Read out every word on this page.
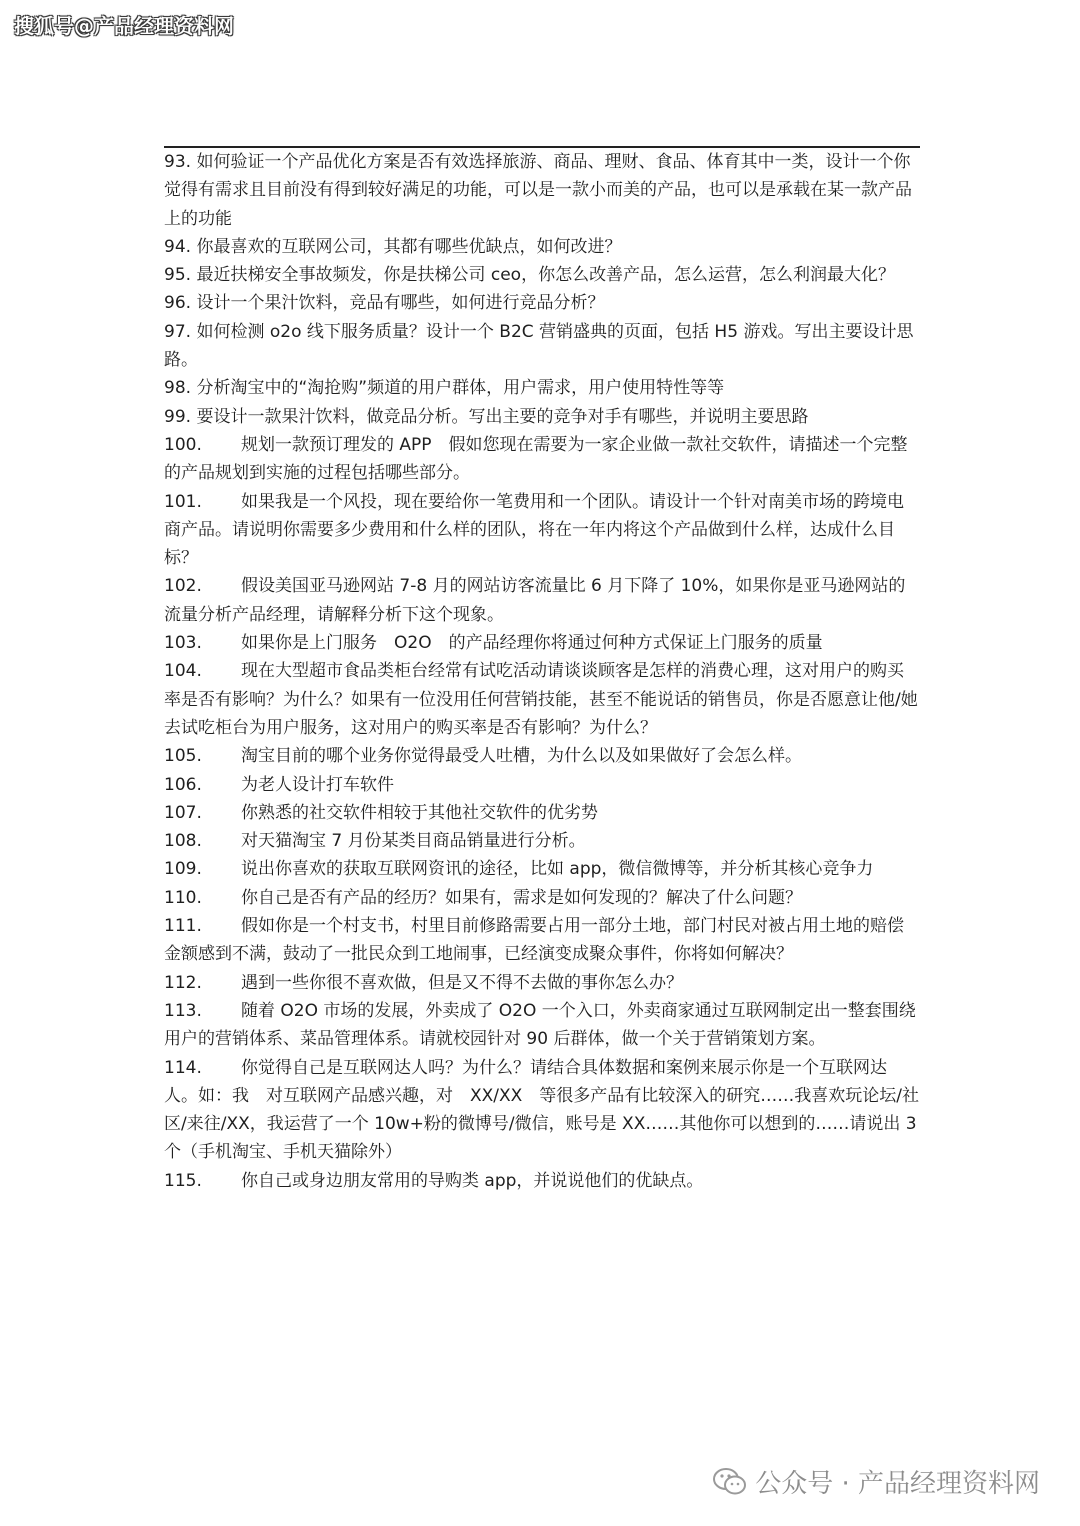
搜狐号@产品经理资料网

93. 如何验证一个产品优化方案是否有效选择旅游、商品、理财、食品、体育其中一类，设计一个你觉得有需求且目前没有得到较好满足的功能，可以是一款小而美的产品，也可以是承载在某一款产品上的功能

94. 你最喜欢的互联网公司，其都有哪些优缺点，如何改进？

95. 最近扶梯安全事故频发，你是扶梯公司 ceo，你怎么改善产品，怎么运营，怎么利润最大化？

96. 设计一个果汁饮料，竞品有哪些，如何进行竞品分析？

97. 如何检测 o2o 线下服务质量？设计一个 B2C 营销盛典的页面，包括 H5 游戏。写出主要设计思路。

98. 分析淘宝中的“淘抢购”频道的用户群体，用户需求，用户使用特性等等

99. 要设计一款果汁饮料，做竞品分析。写出主要的竞争对手有哪些，并说明主要思路

100. 规划一款预订理发的 APP　假如您现在需要为一家企业做一款社交软件，请描述一个完整的产品规划到实施的过程包括哪些部分。

101. 如果我是一个风投，现在要给你一笔费用和一个团队。请设计一个针对南美市场的跨境电商产品。请说明你需要多少费用和什么样的团队，将在一年内将这个产品做到什么样，达成什么目标？

102. 假设美国亚马逊网站 7-8 月的网站访客流量比 6 月下降了 10%，如果你是亚马逊网站的流量分析产品经理，请解释分析下这个现象。

103. 如果你是上门服务　O2O　的产品经理你将通过何种方式保证上门服务的质量

104. 现在大型超市食品类柜台经常有试吃活动请谈谈顾客是怎样的消费心理，这对用户的购买率是否有影响？为什么？如果有一位没用任何营销技能，甚至不能说话的销售员，你是否愿意让他/她去试吃柜台为用户服务，这对用户的购买率是否有影响？为什么？

105. 淘宝目前的哪个业务你觉得最受人吐槽，为什么以及如果做好了会怎么样。

106. 为老人设计打车软件

107. 你熟悉的社交软件相较于其他社交软件的优劣势

108. 对天猫淘宝 7 月份某类目商品销量进行分析。

109. 说出你喜欢的获取互联网资讯的途径，比如 app，微信微博等，并分析其核心竞争力

110. 你自己是否有产品的经历？如果有，需求是如何发现的？解决了什么问题？

111. 假如你是一个村支书，村里目前修路需要占用一部分土地，部门村民对被占用土地的赔偿金额感到不满，鼓动了一批民众到工地闹事，已经演变成聚众事件，你将如何解决？

112. 遇到一些你很不喜欢做，但是又不得不去做的事你怎么办？

113. 随着 O2O 市场的发展，外卖成了 O2O 一个入口，外卖商家通过互联网制定出一整套围绕用户的营销体系、菜品管理体系。请就校园针对 90 后群体，做一个关于营销策划方案。

114. 你觉得自己是互联网达人吗？为什么？请结合具体数据和案例来展示你是一个互联网达人。如：我　对互联网产品感兴趣，对　XX/XX　等很多产品有比较深入的研究……我喜欢玩论坛/社区/来往/XX，我运营了一个 10w+粉的微博号/微信，账号是 XX……其他你可以想到的……请说出 3 个（手机淘宝、手机天猫除外）

115. 你自己或身边朋友常用的导购类 app，并说说他们的优缺点。

公众号 · 产品经理资料网
